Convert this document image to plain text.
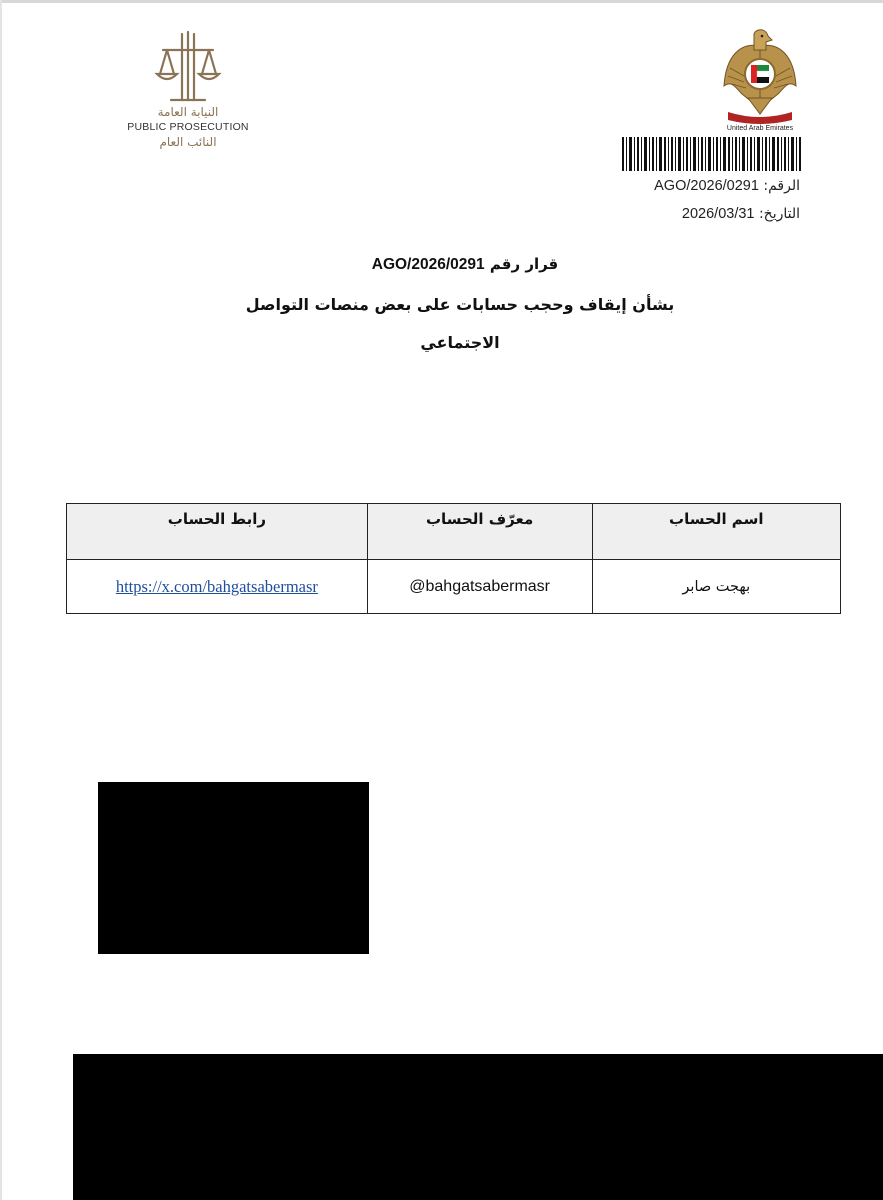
النيابة العامة
PUBLIC PROSECUTION
النائب العام
United Arab Emirates
الرقم: AGO/2026/0291
التاريخ: 2026/03/31
قرار رقم AGO/2026/0291
بشأن إيقاف وحجب حسابات على بعض منصات التواصل الاجتماعي
اسم الحساب	معرّف الحساب	رابط الحساب
بهجت صابر	@bahgatsabermasr	https://x.com/bahgatsabermasr
